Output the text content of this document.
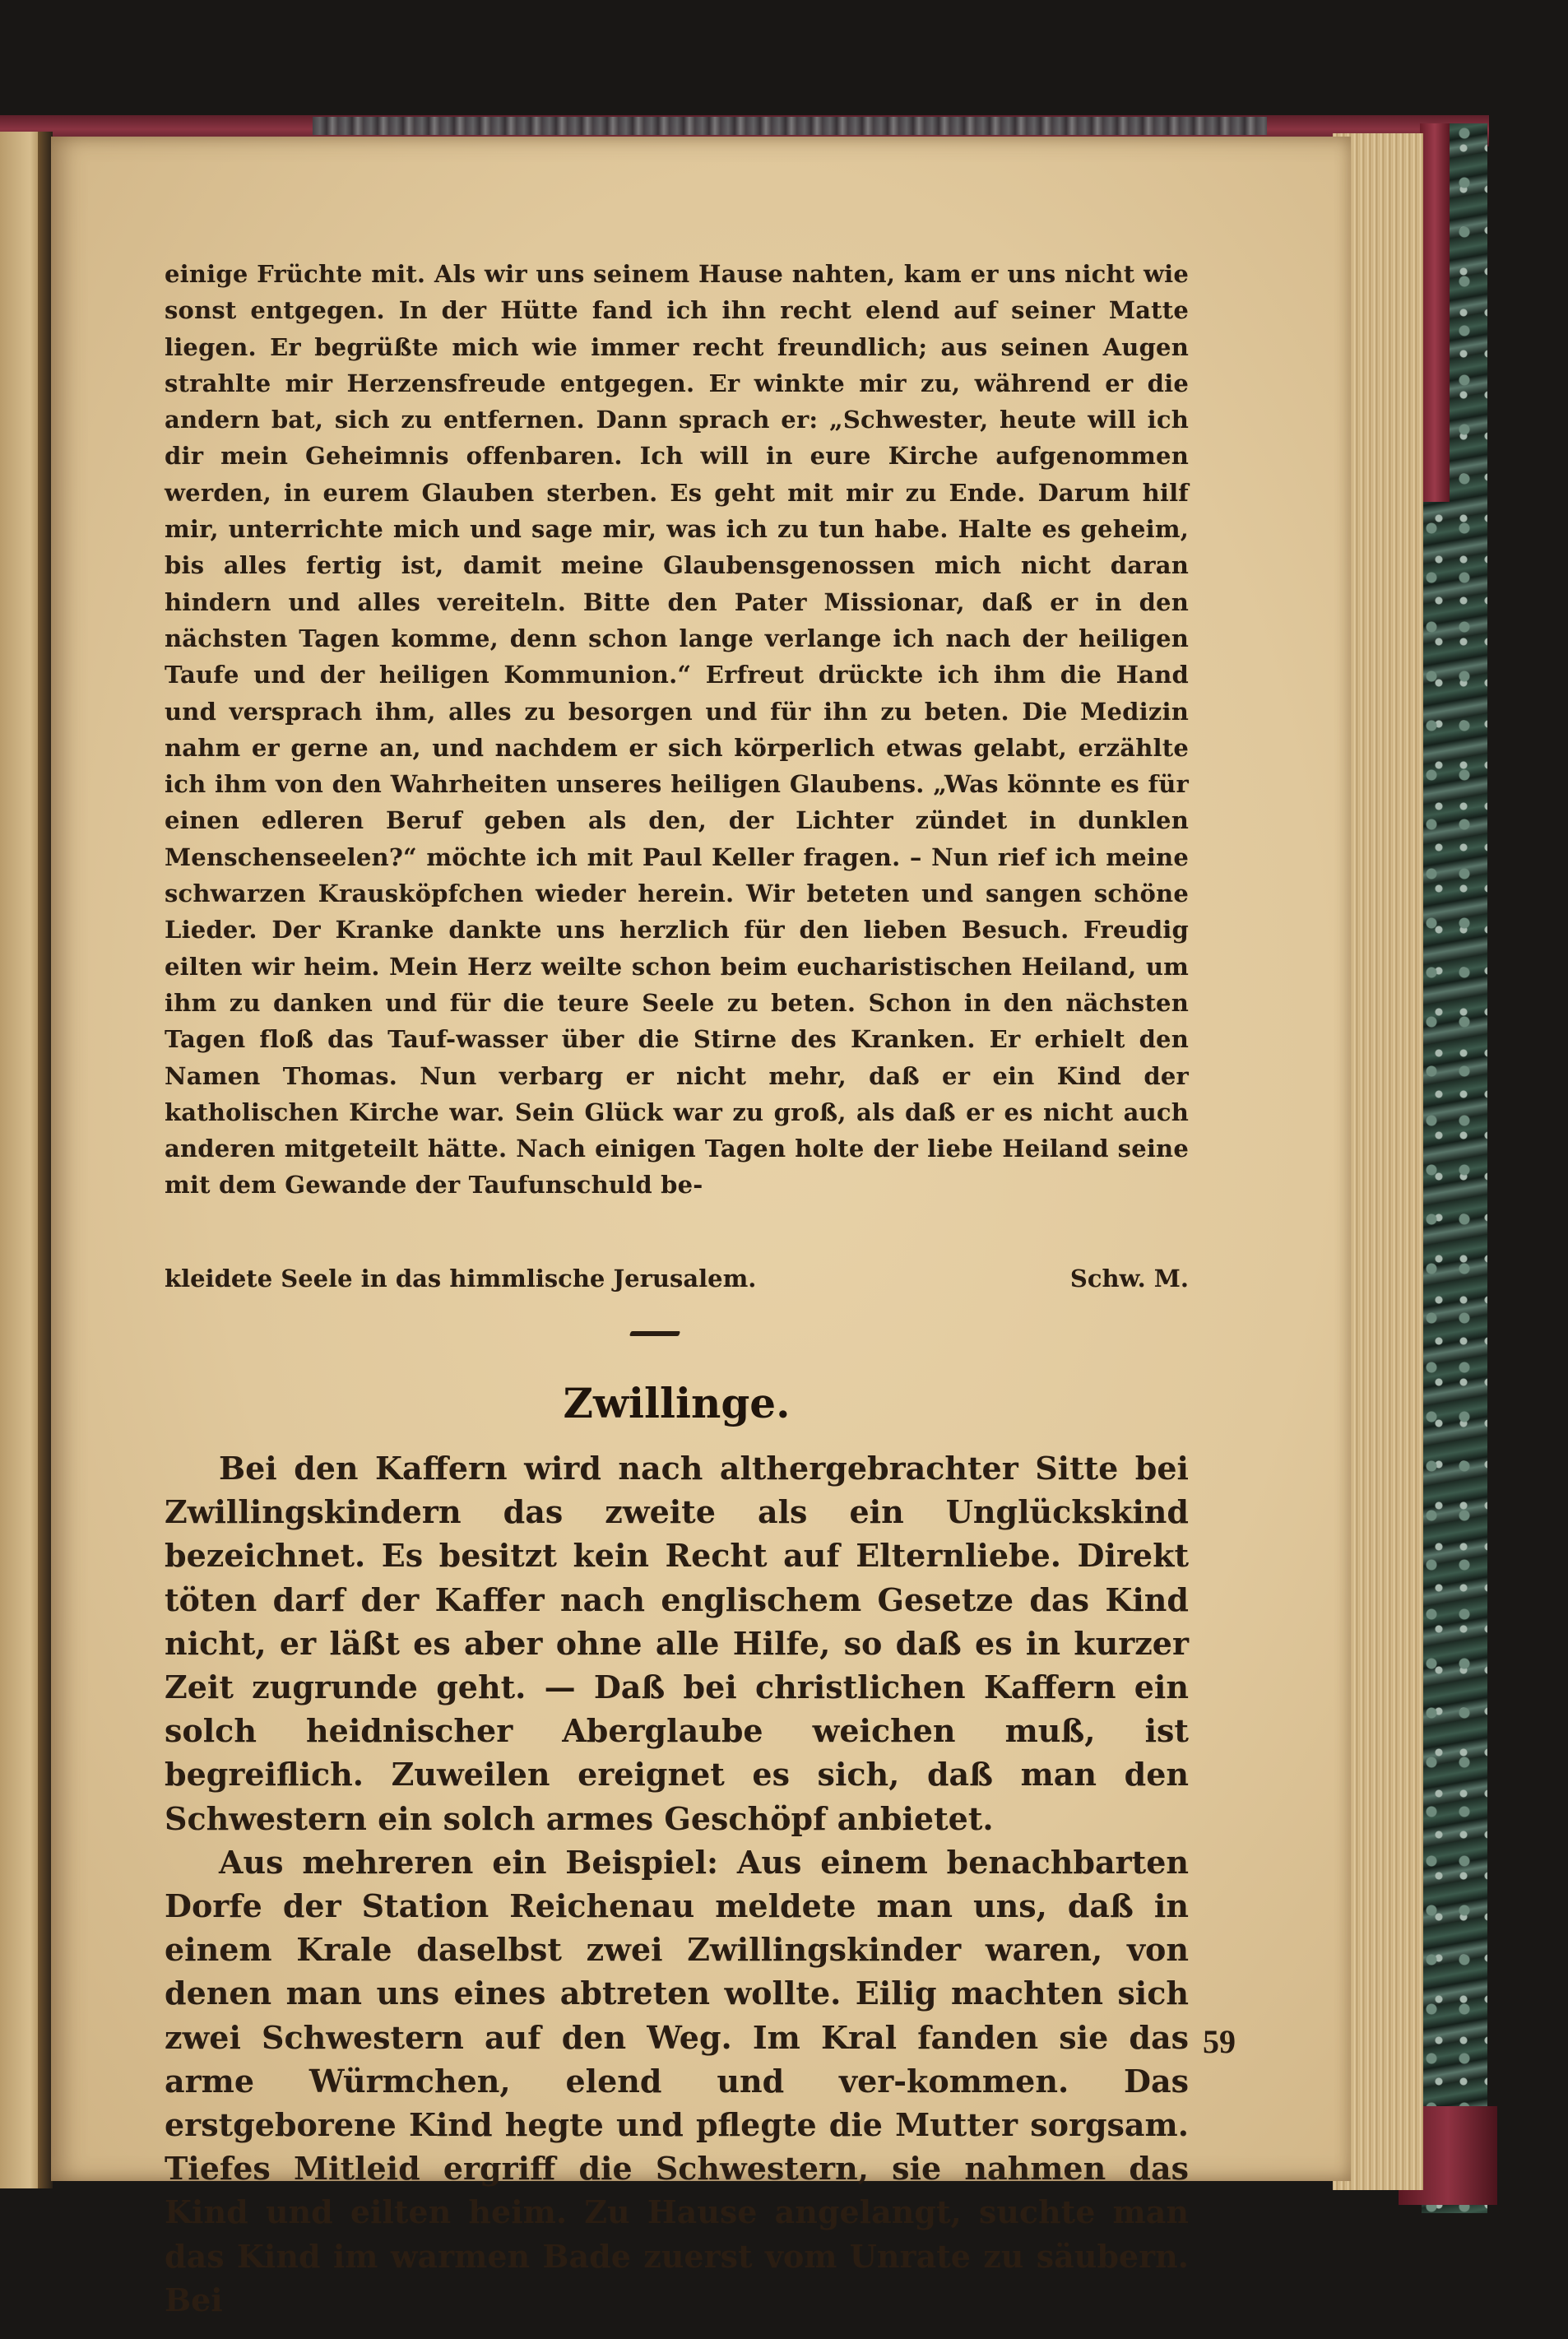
einige Früchte mit. Als wir uns seinem Hause nahten, kam er uns nicht wie sonst entgegen. In der Hütte fand ich ihn recht elend auf seiner Matte liegen. Er begrüßte mich wie immer recht freundlich; aus seinen Augen strahlte mir Herzensfreude entgegen. Er winkte mir zu, während er die andern bat, sich zu entfernen. Dann sprach er: „Schwester, heute will ich dir mein Geheimnis offenbaren. Ich will in eure Kirche aufgenommen werden, in eurem Glauben sterben. Es geht mit mir zu Ende. Darum hilf mir, unterrichte mich und sage mir, was ich zu tun habe. Halte es geheim, bis alles fertig ist, damit meine Glaubensgenossen mich nicht daran hindern und alles vereiteln. Bitte den Pater Missionar, daß er in den nächsten Tagen komme, denn schon lange verlange ich nach der heiligen Taufe und der heiligen Kommunion.“ Erfreut drückte ich ihm die Hand und versprach ihm, alles zu besorgen und für ihn zu beten. Die Medizin nahm er gerne an, und nachdem er sich körperlich etwas gelabt, erzählte ich ihm von den Wahrheiten unseres heiligen Glaubens. „Was könnte es für einen edleren Beruf geben als den, der Lichter zündet in dunklen Menschenseelen?“ möchte ich mit Paul Keller fragen. – Nun rief ich meine schwarzen Krausköpfchen wieder herein. Wir beteten und sangen schöne Lieder. Der Kranke dankte uns herzlich für den lieben Besuch. Freudig eilten wir heim. Mein Herz weilte schon beim eucharistischen Heiland, um ihm zu danken und für die teure Seele zu beten. Schon in den nächsten Tagen floß das Tauf-wasser über die Stirne des Kranken. Er erhielt den Namen Thomas. Nun verbarg er nicht mehr, daß er ein Kind der katholischen Kirche war. Sein Glück war zu groß, als daß er es nicht auch anderen mitgeteilt hätte. Nach einigen Tagen holte der liebe Heiland seine mit dem Gewande der Taufunschuld be-

kleidete Seele in das himmlische Jerusalem.	Schw. M.
Zwillinge.

Bei den Kaffern wird nach althergebrachter Sitte bei Zwillingskindern das zweite als ein Unglückskind bezeichnet. Es besitzt kein Recht auf Elternliebe. Direkt töten darf der Kaffer nach englischem Gesetze das Kind nicht, er läßt es aber ohne alle Hilfe, so daß es in kurzer Zeit zugrunde geht. — Daß bei christlichen Kaffern ein solch heidnischer Aberglaube weichen muß, ist begreiflich. Zuweilen ereignet es sich, daß man den Schwestern ein solch armes Geschöpf anbietet.

Aus mehreren ein Beispiel: Aus einem benachbarten Dorfe der Station Reichenau meldete man uns, daß in einem Krale daselbst zwei Zwillingskinder waren, von denen man uns eines abtreten wollte. Eilig machten sich zwei Schwestern auf den Weg. Im Kral fanden sie das arme Würmchen, elend und ver-kommen. Das erstgeborene Kind hegte und pflegte die Mutter sorgsam. Tiefes Mitleid ergriff die Schwestern, sie nahmen das Kind und eilten heim. Zu Hause angelangt, suchte man das Kind im warmen Bade zuerst vom Unrate zu säubern. Bei

59
